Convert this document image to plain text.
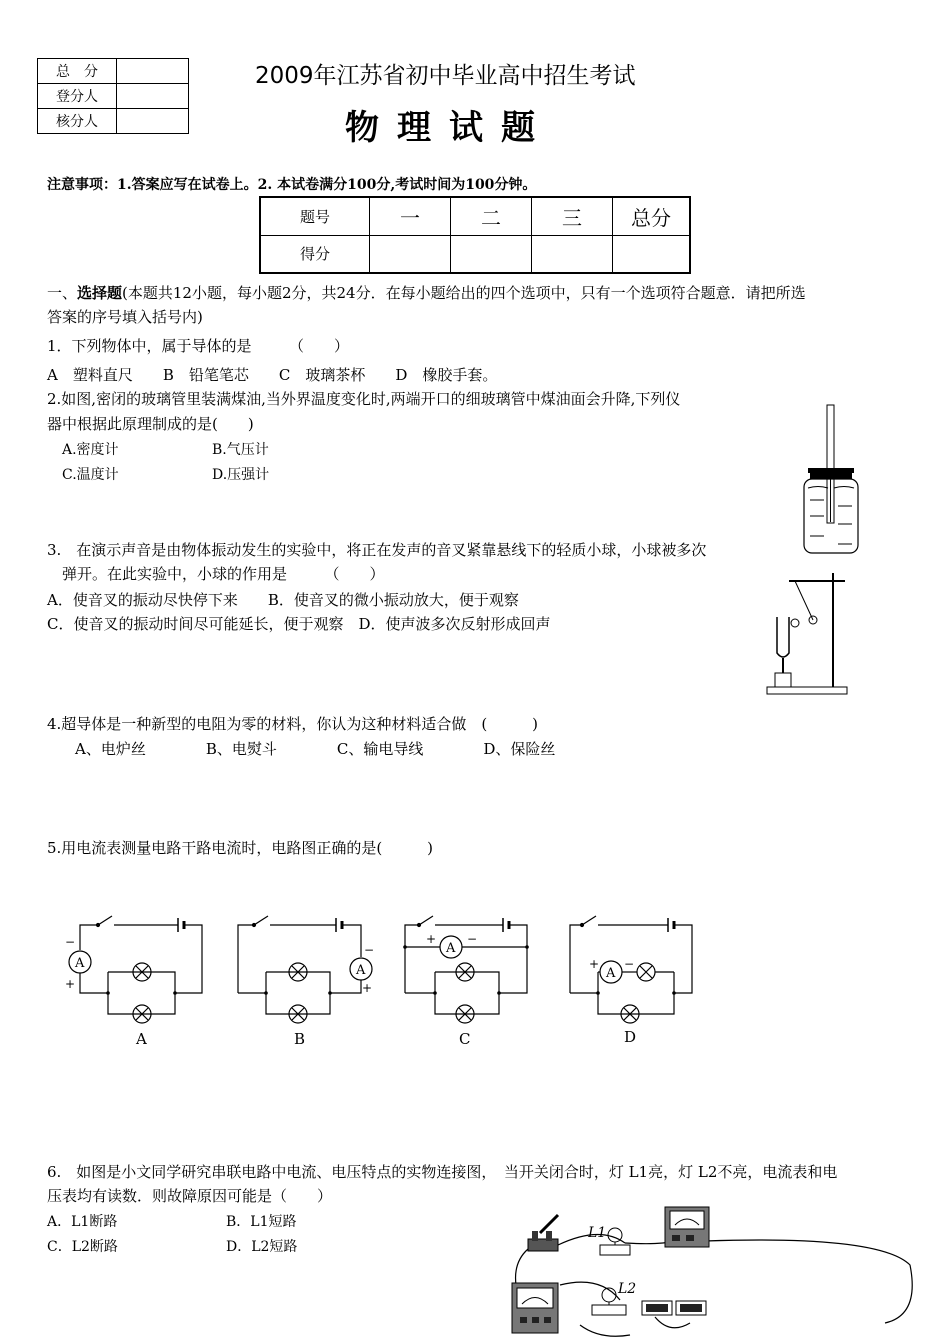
总　分	
登分人	
核分人	
2009年江苏省初中毕业高中招生考试
物理试题
注意事项：1.答案应写在试卷上。2. 本试卷满分100分,考试时间为100分钟。
题号	一	二	三	总分
得分				
一、选择题(本题共12小题，每小题2分，共24分．在每小题给出的四个选项中，只有一个选项符合题意．请把所选
答案的序号填入括号内)
1．下列物体中，属于导体的是　　　（　　）
A　塑料直尺　　B　铅笔笔芯　　C　玻璃茶杯　　D　橡胶手套。
2.如图,密闭的玻璃管里装满煤油,当外界温度变化时,两端开口的细玻璃管中煤油面会升降,下列仪
器中根据此原理制成的是(　　)
A.密度计	B.气压计
C.温度计	D.压强计
3.　在演示声音是由物体振动发生的实验中，将正在发声的音叉紧靠悬线下的轻质小球，小球被多次
弹开。在此实验中，小球的作用是　　　（　　）
A．使音叉的振动尽快停下来　　B．使音叉的微小振动放大，便于观察
C．使音叉的振动时间尽可能延长，便于观察　D．使声波多次反射形成回声
4.超导体是一种新型的电阻为零的材料，你认为这种材料适合做　(　　　)
A、电炉丝　　　　B、电熨斗　　　　C、输电导线　　　　D、保险丝
5.用电流表测量电路干路电流时，电路图正确的是(　　　)
A
−
+
A
A
−
+
B
A
+	−
C
A
+ −
D
6.　如图是小文同学研究串联电路中电流、电压特点的实物连接图，　当开关闭合时，灯 L1亮，灯 L2不亮，电流表和电
压表均有读数．则故障原因可能是（　　）
A．L1断路	B．L1短路
C．L2断路	D．L2短路
L1
L2
